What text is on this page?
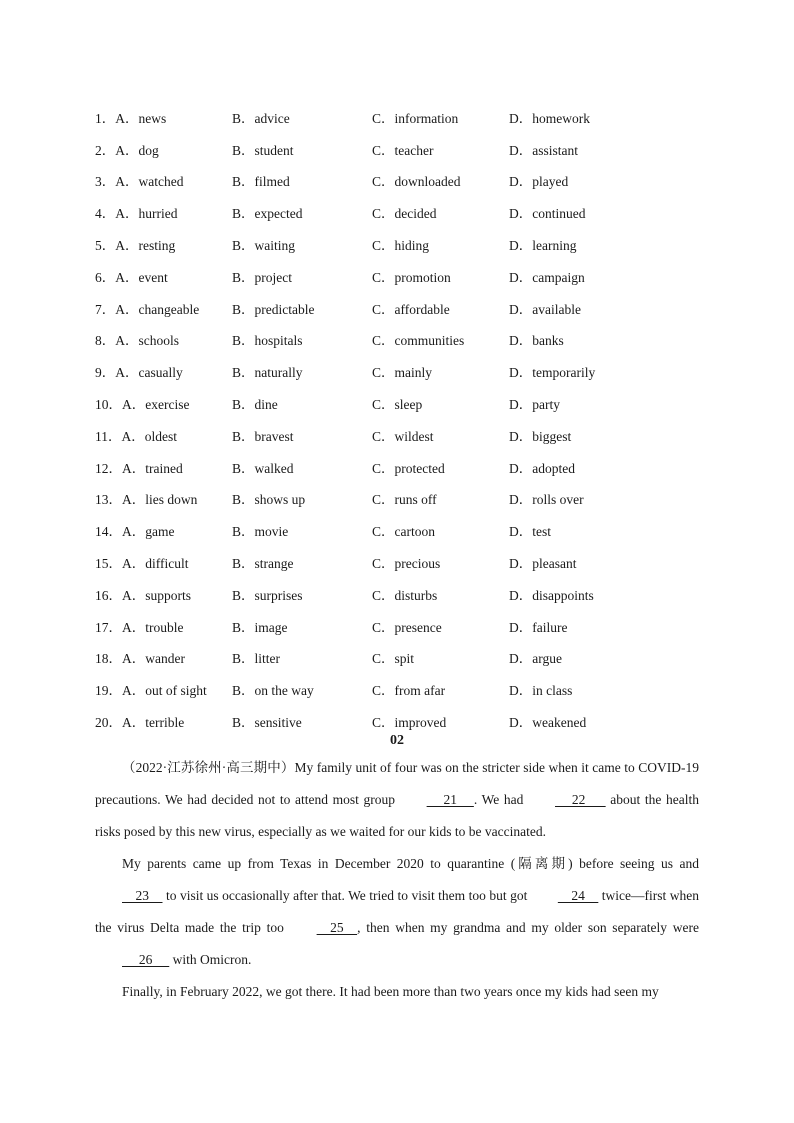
1．A．news	B．advice	C．information	D．homework
2．A．dog	B．student	C．teacher	D．assistant
3．A．watched	B．filmed	C．downloaded	D．played
4．A．hurried	B．expected	C．decided	D．continued
5．A．resting	B．waiting	C．hiding	D．learning
6．A．event	B．project	C．promotion	D．campaign
7．A．changeable	B．predictable	C．affordable	D．available
8．A．schools	B．hospitals	C．communities	D．banks
9．A．casually	B．naturally	C．mainly	D．temporarily
10．A．exercise	B．dine	C．sleep	D．party
11．A．oldest	B．bravest	C．wildest	D．biggest
12．A．trained	B．walked	C．protected	D．adopted
13．A．lies down	B．shows up	C．runs off	D．rolls over
14．A．game	B．movie	C．cartoon	D．test
15．A．difficult	B．strange	C．precious	D．pleasant
16．A．supports	B．surprises	C．disturbs	D．disappoints
17．A．trouble	B．image	C．presence	D．failure
18．A．wander	B．litter	C．spit	D．argue
19．A．out of sight	B．on the way	C．from afar	D．in class
20．A．terrible	B．sensitive	C．improved	D．weakened
02

（2022·江苏徐州·高三期中）My family unit of four was on the stricter side when it came to COVID-19 precautions. We had decided not to attend most group      21     . We had      22       about the health risks posed by this new virus, especially as we waited for our kids to be vaccinated.

My parents came up from Texas in December 2020 to quarantine (隔离期) before seeing us and     23     to visit us occasionally after that. We tried to visit them too but got     24     twice—first when the virus Delta made the trip too     25    , then when my grandma and my older son separately were      26      with Omicron.

Finally, in February 2022, we got there. It had been more than two years once my kids had seen my
